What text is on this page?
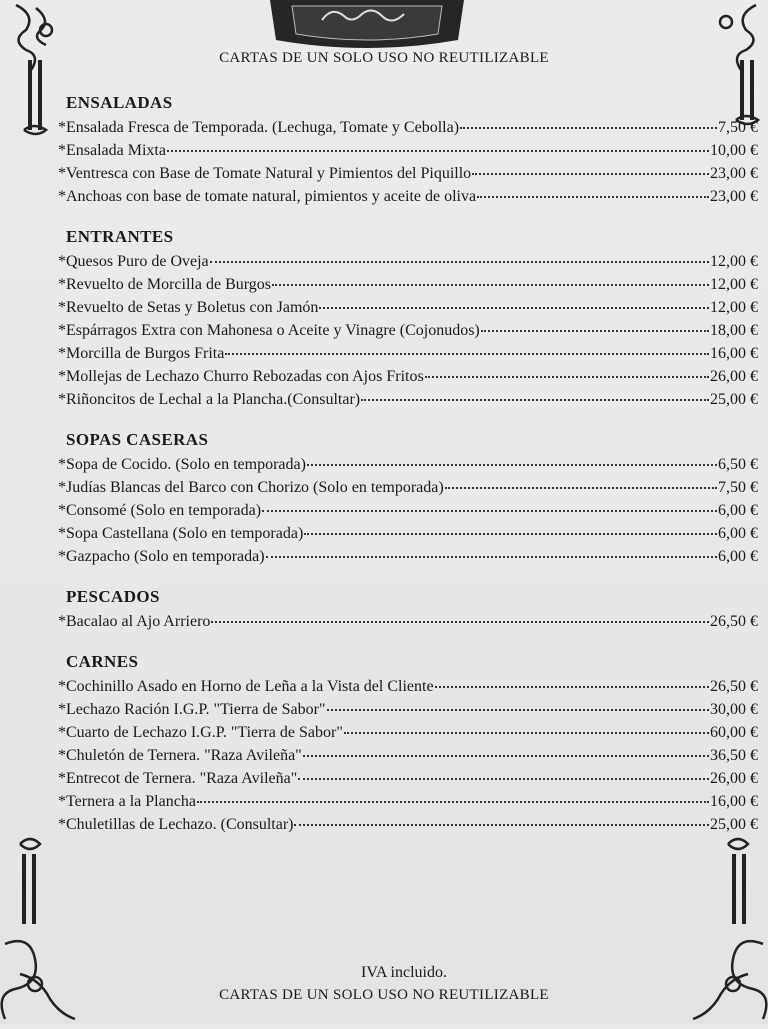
CARTAS DE UN SOLO USO NO REUTILIZABLE
ENSALADAS
*Ensalada Fresca de Temporada. (Lechuga, Tomate y Cebolla)	7,50 €
*Ensalada Mixta	10,00 €
*Ventresca con Base de Tomate Natural y Pimientos del Piquillo	23,00 €
*Anchoas con base de tomate natural, pimientos y aceite de oliva	23,00 €
ENTRANTES
*Quesos Puro de Oveja	12,00 €
*Revuelto de Morcilla de Burgos	12,00 €
*Revuelto de Setas y Boletus con Jamón	12,00 €
*Espárragos Extra con Mahonesa o Aceite y Vinagre (Cojonudos)	18,00 €
*Morcilla de Burgos Frita	16,00 €
*Mollejas de Lechazo Churro Rebozadas con Ajos Fritos	26,00 €
*Riñoncitos de Lechal a la Plancha.(Consultar)	25,00 €
SOPAS CASERAS
*Sopa de Cocido. (Solo en temporada)	6,50 €
*Judías Blancas del Barco con Chorizo (Solo en temporada)	7,50 €
*Consomé (Solo en temporada)	6,00 €
*Sopa Castellana (Solo en temporada)	6,00 €
*Gazpacho (Solo en temporada)	6,00 €
PESCADOS
*Bacalao al Ajo Arriero	26,50 €
CARNES
*Cochinillo Asado en Horno de Leña a la Vista del Cliente	26,50 €
*Lechazo Ración I.G.P. "Tierra de Sabor"	30,00 €
*Cuarto de Lechazo I.G.P. "Tierra de Sabor"	60,00 €
*Chuletón de Ternera. "Raza Avileña"	36,50 €
*Entrecot de Ternera. "Raza Avileña"	26,00 €
*Ternera a la Plancha	16,00 €
*Chuletillas de Lechazo. (Consultar)	25,00 €
IVA incluido.
CARTAS DE UN SOLO USO NO REUTILIZABLE
